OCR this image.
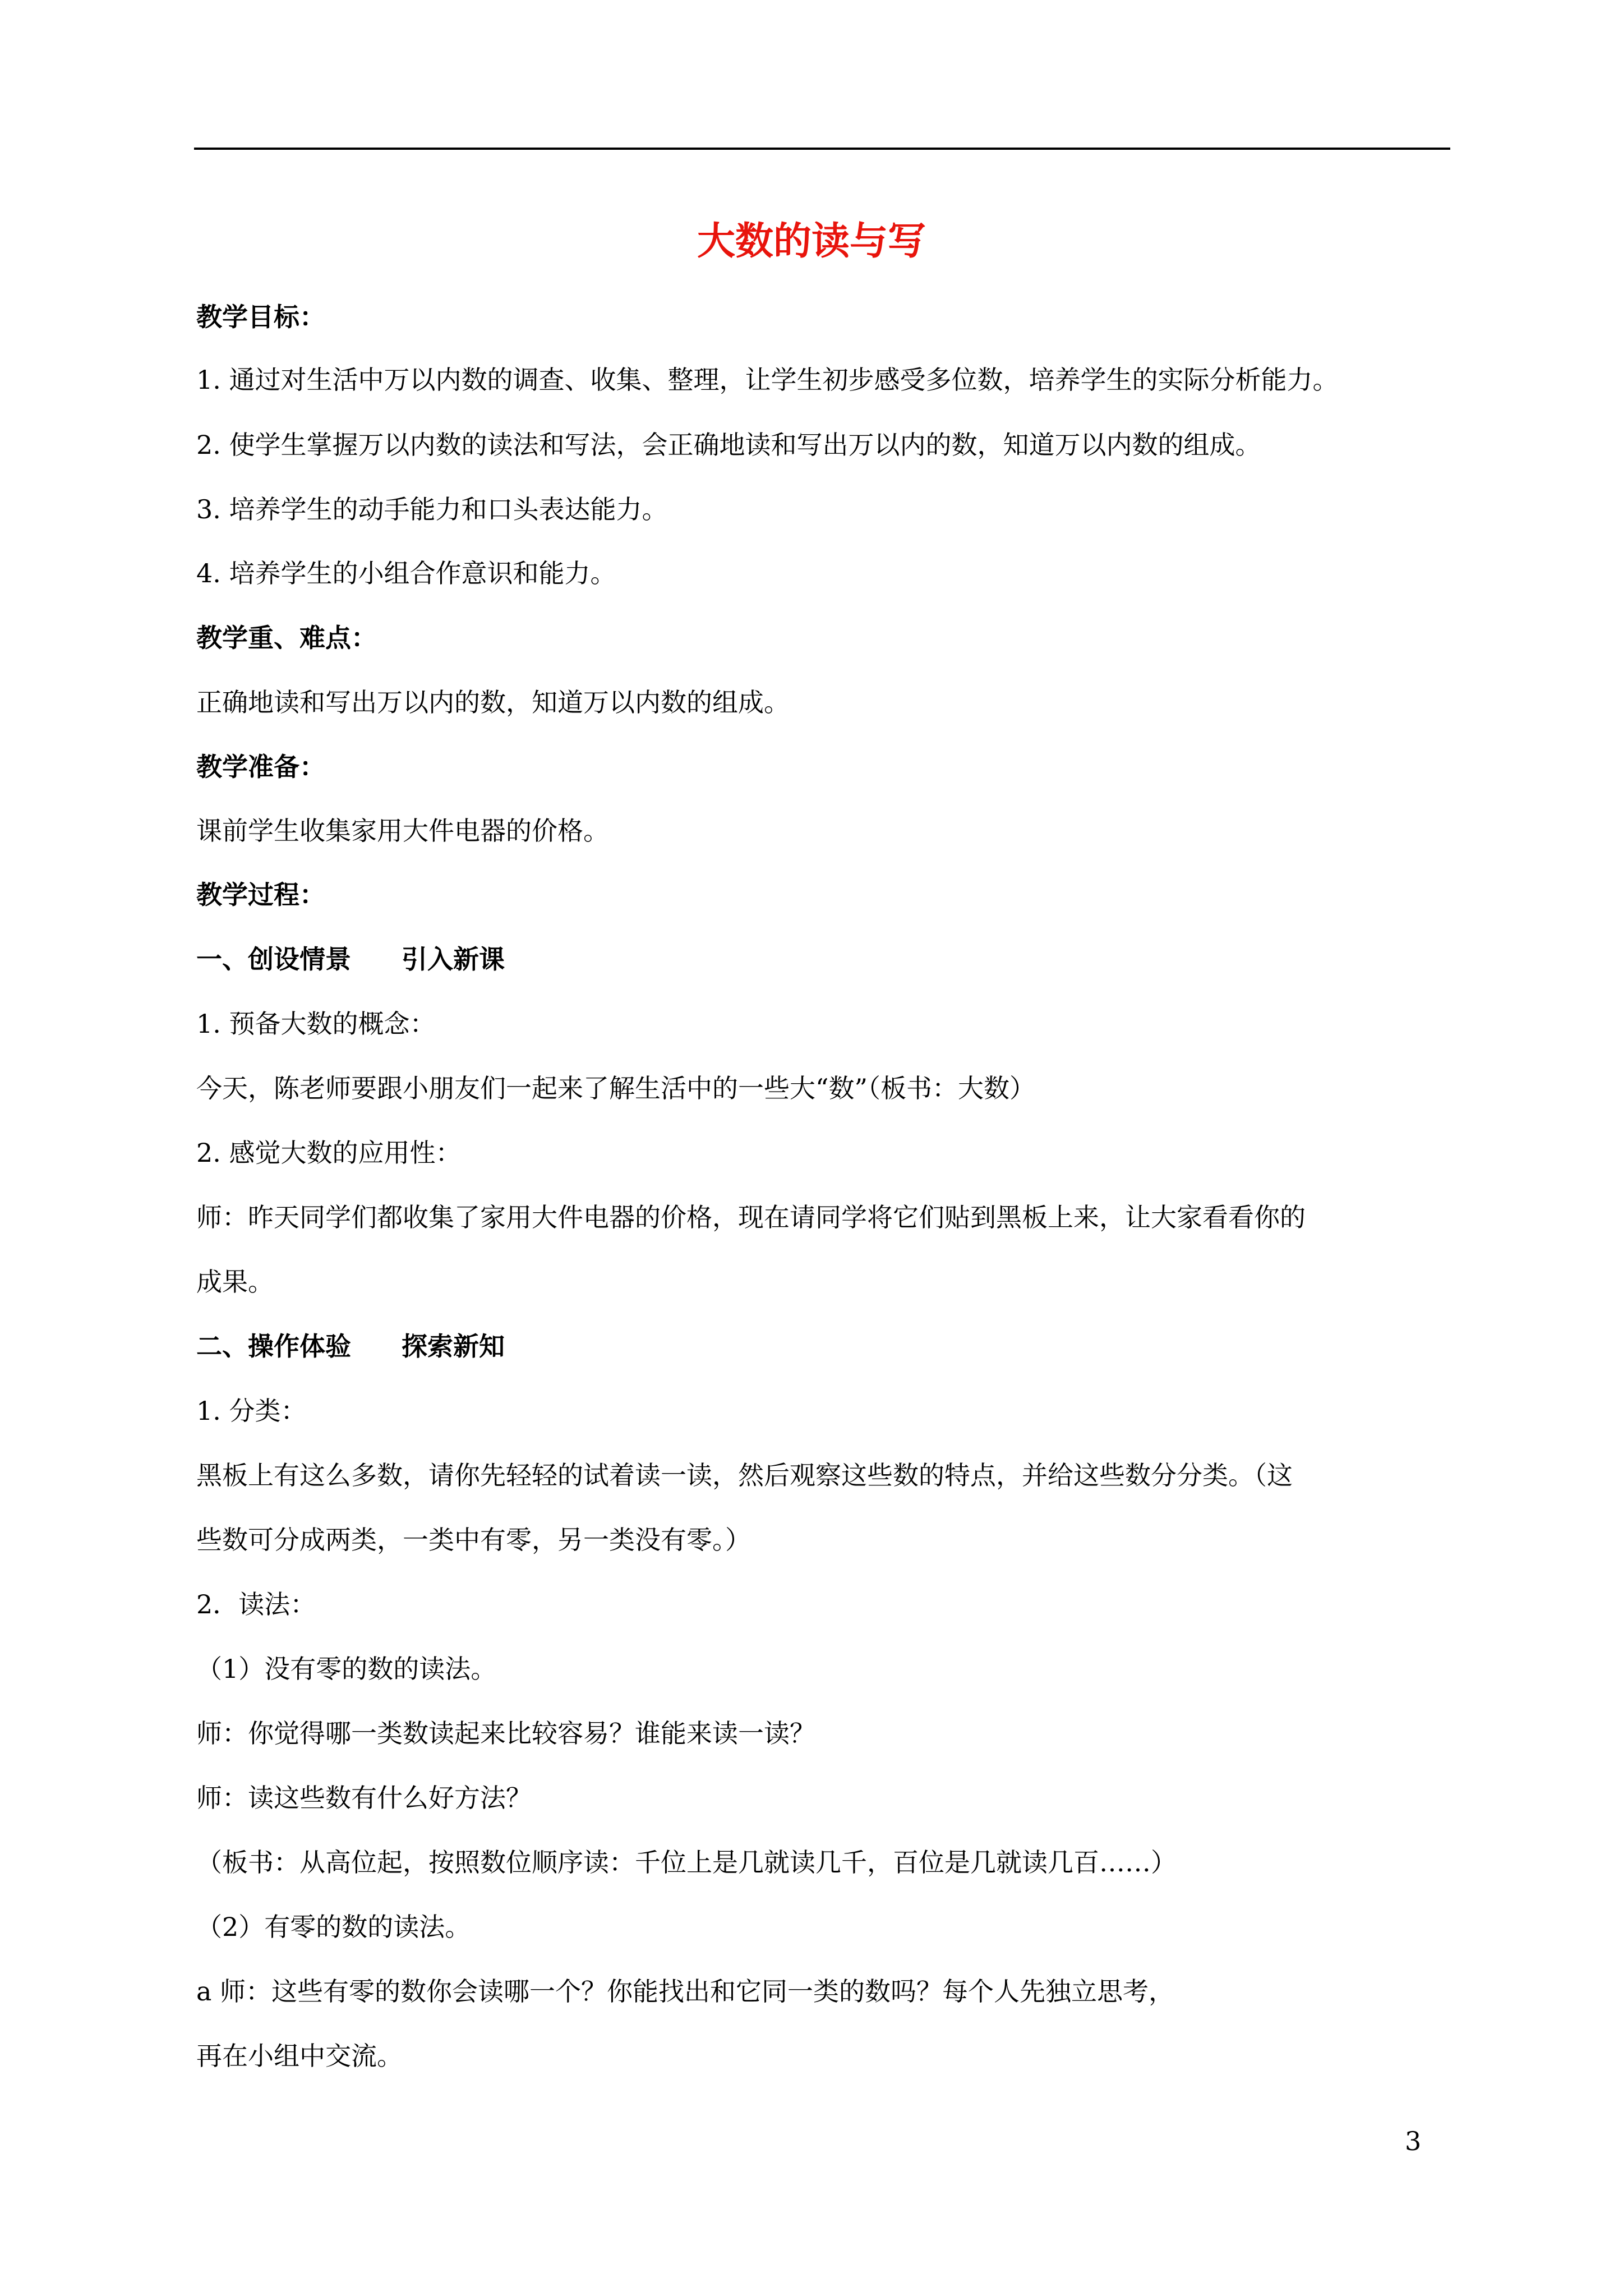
大数的读与写
教学目标：
1. 通过对生活中万以内数的调查、收集、整理，让学生初步感受多位数，培养学生的实际分析能力。
2. 使学生掌握万以内数的读法和写法，会正确地读和写出万以内的数，知道万以内数的组成。
3. 培养学生的动手能力和口头表达能力。
4. 培养学生的小组合作意识和能力。
教学重、难点：
正确地读和写出万以内的数，知道万以内数的组成。
教学准备：
课前学生收集家用大件电器的价格。
教学过程：
一、创设情景 引入新课
1. 预备大数的概念：
今天，陈老师要跟小朋友们一起来了解生活中的一些大“数”（板书：大数）
2. 感觉大数的应用性：
师：昨天同学们都收集了家用大件电器的价格，现在请同学将它们贴到黑板上来，让大家看看你的
成果。
二、操作体验 探索新知
1. 分类：
黑板上有这么多数，请你先轻轻的试着读一读，然后观察这些数的特点，并给这些数分分类。（这
些数可分成两类，一类中有零，另一类没有零。）
2．读法：
（1）没有零的数的读法。
师：你觉得哪一类数读起来比较容易？谁能来读一读？
师：读这些数有什么好方法？
（板书：从高位起，按照数位顺序读：千位上是几就读几千，百位是几就读几百……）
（2）有零的数的读法。
a 师：这些有零的数你会读哪一个？你能找出和它同一类的数吗？每个人先独立思考，
再在小组中交流。
3
